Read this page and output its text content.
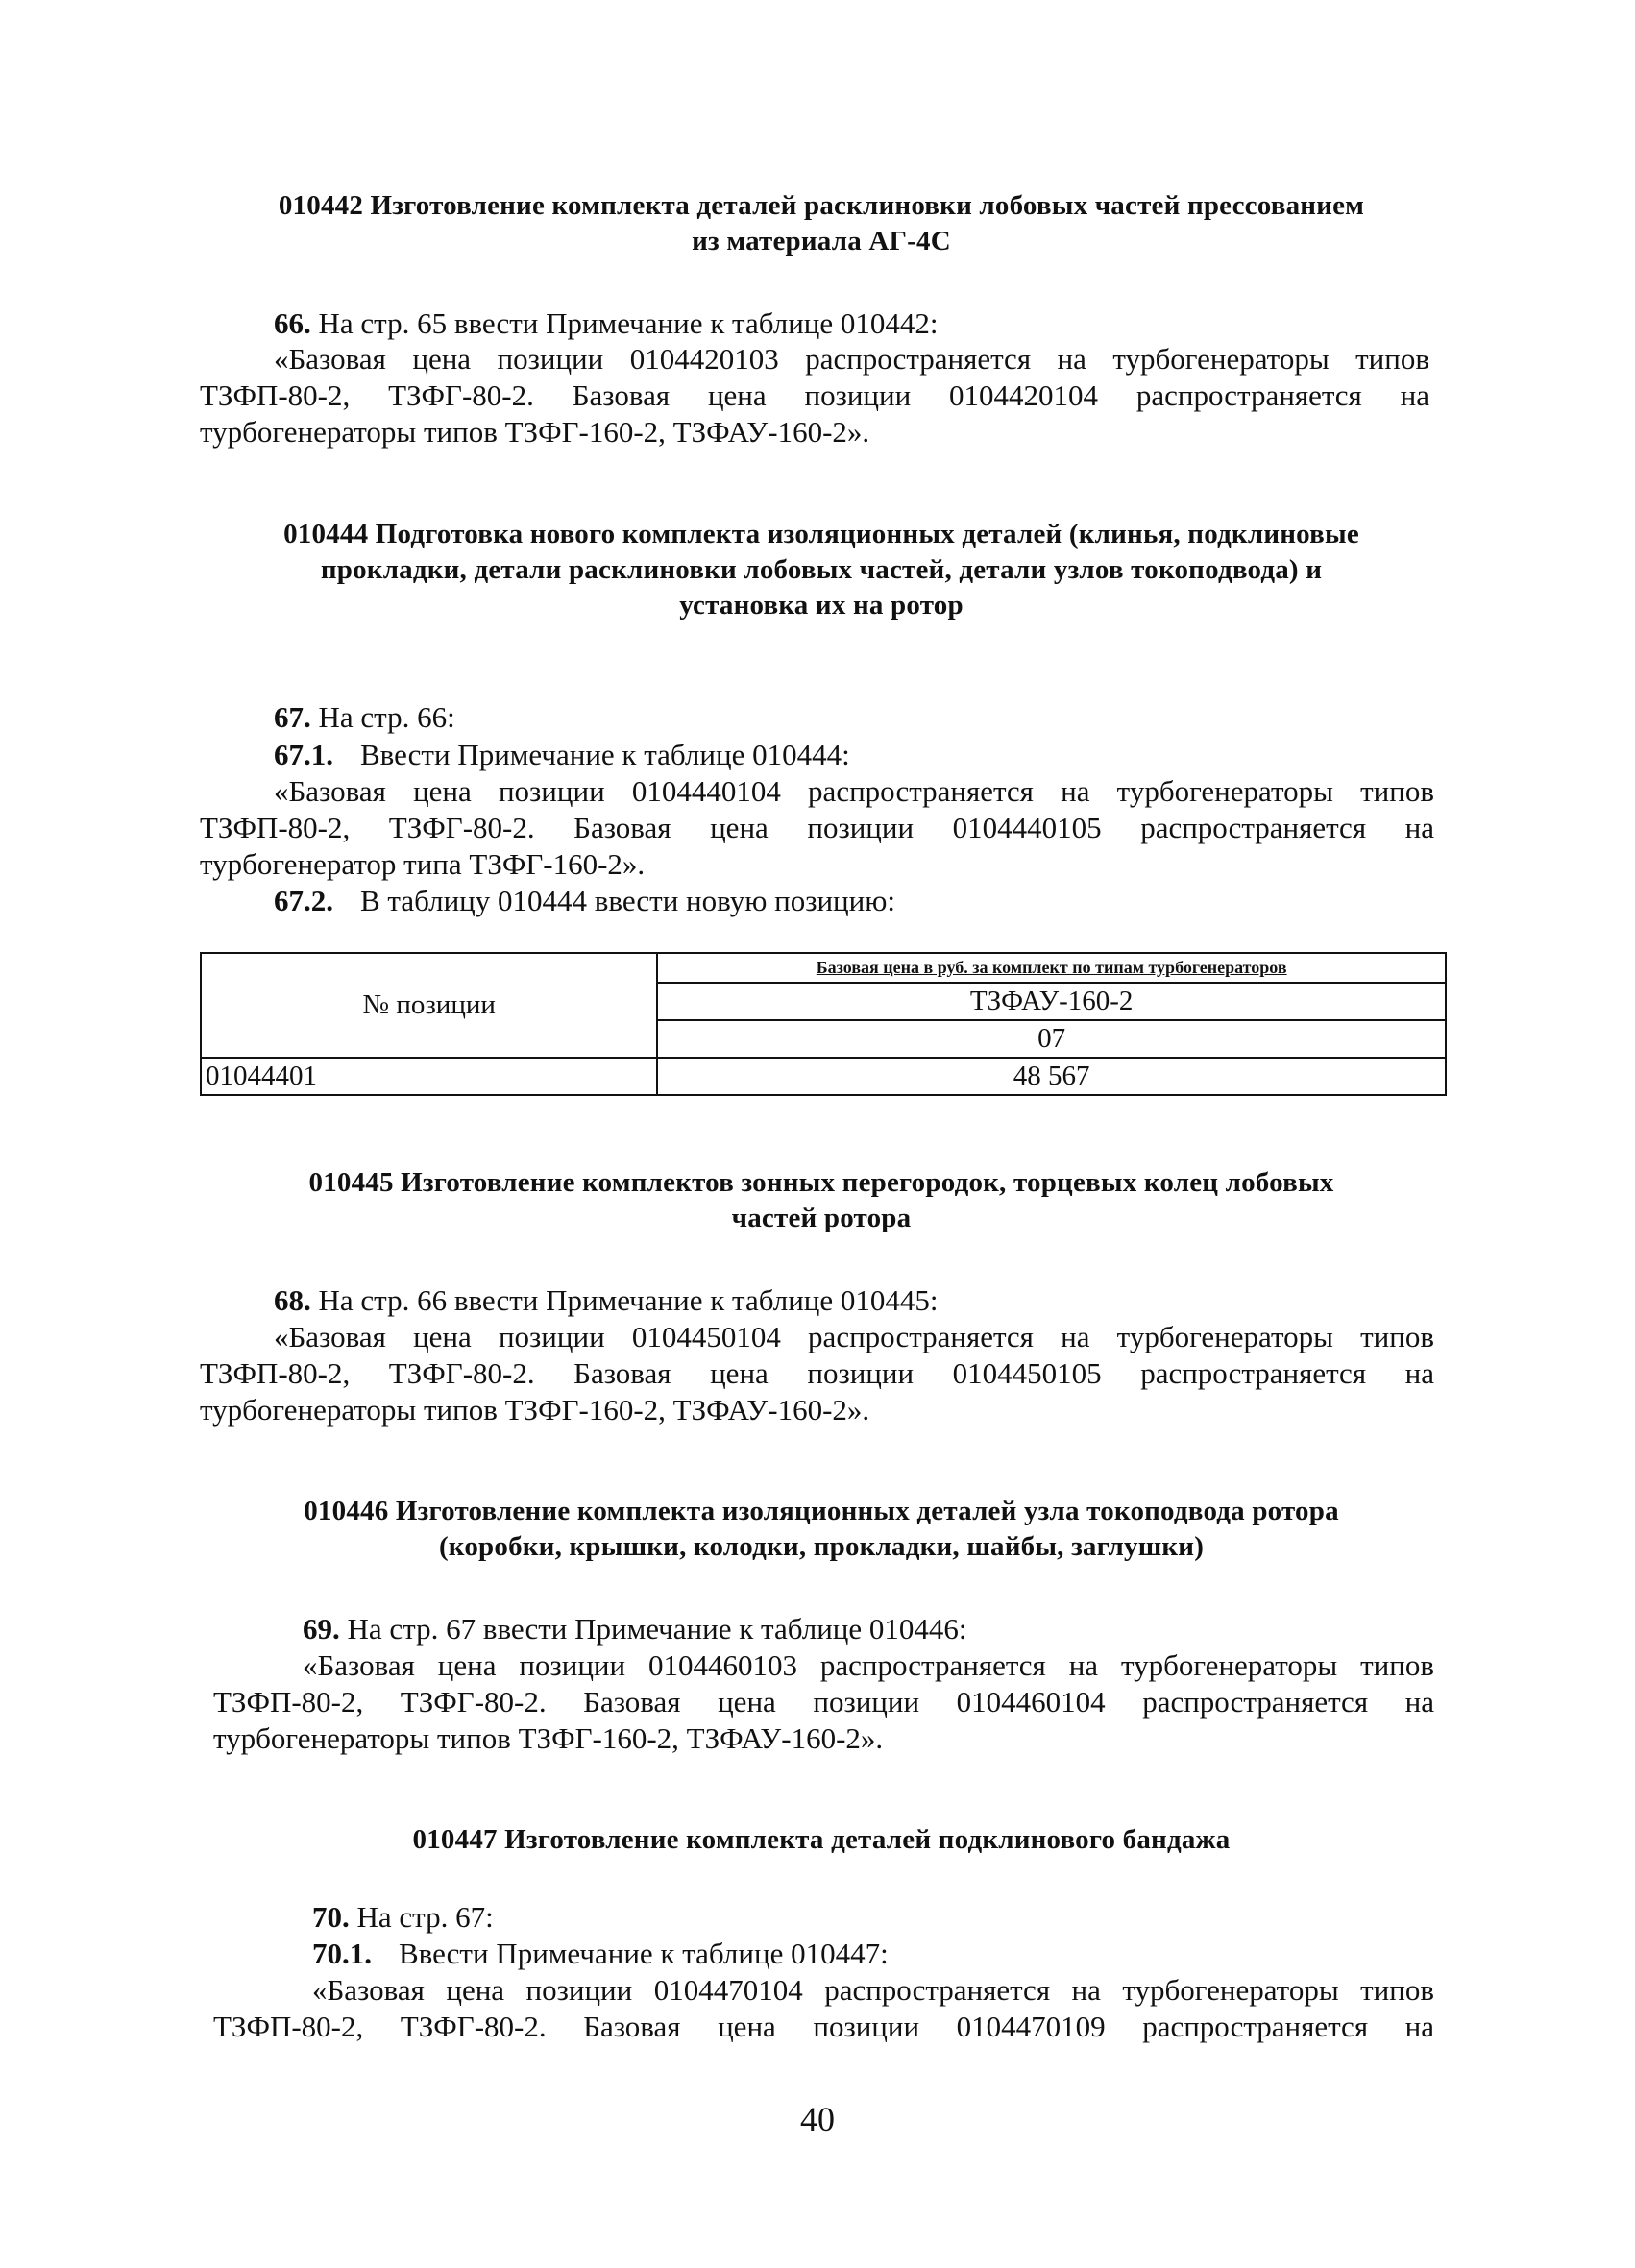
010442 Изготовление комплекта деталей расклиновки лобовых частей прессованием
из материала АГ-4С
66. На стр. 65 ввести Примечание к таблице 010442:
«Базовая цена позиции 0104420103 распространяется на турбогенераторы типов
ТЗФП-80-2, ТЗФГ-80-2. Базовая цена позиции 0104420104 распространяется на
турбогенераторы типов ТЗФГ-160-2, ТЗФАУ-160-2».
010444 Подготовка нового комплекта изоляционных деталей (клинья, подклиновые
прокладки, детали расклиновки лобовых частей, детали узлов токоподвода) и
установка их на ротор
67. На стр. 66:
67.1. Ввести Примечание к таблице 010444:
«Базовая цена позиции 0104440104 распространяется на турбогенераторы типов
ТЗФП-80-2, ТЗФГ-80-2. Базовая цена позиции 0104440105 распространяется на
турбогенератор типа ТЗФГ-160-2».
67.2. В таблицу 010444 ввести новую позицию:
№ позиции	Базовая цена в руб. за комплект по типам турбогенераторов
	ТЗФАУ-160-2
	07
01044401	48 567
010445 Изготовление комплектов зонных перегородок, торцевых колец лобовых
частей ротора
68. На стр. 66 ввести Примечание к таблице 010445:
«Базовая цена позиции 0104450104 распространяется на турбогенераторы типов
ТЗФП-80-2, ТЗФГ-80-2. Базовая цена позиции 0104450105 распространяется на
турбогенераторы типов ТЗФГ-160-2, ТЗФАУ-160-2».
010446 Изготовление комплекта изоляционных деталей узла токоподвода ротора
(коробки, крышки, колодки, прокладки, шайбы, заглушки)
69. На стр. 67 ввести Примечание к таблице 010446:
«Базовая цена позиции 0104460103 распространяется на турбогенераторы типов
ТЗФП-80-2, ТЗФГ-80-2. Базовая цена позиции 0104460104 распространяется на
турбогенераторы типов ТЗФГ-160-2, ТЗФАУ-160-2».
010447 Изготовление комплекта деталей подклинового бандажа
70. На стр. 67:
70.1. Ввести Примечание к таблице 010447:
«Базовая цена позиции 0104470104 распространяется на турбогенераторы типов
ТЗФП-80-2, ТЗФГ-80-2. Базовая цена позиции 0104470109 распространяется на
40
